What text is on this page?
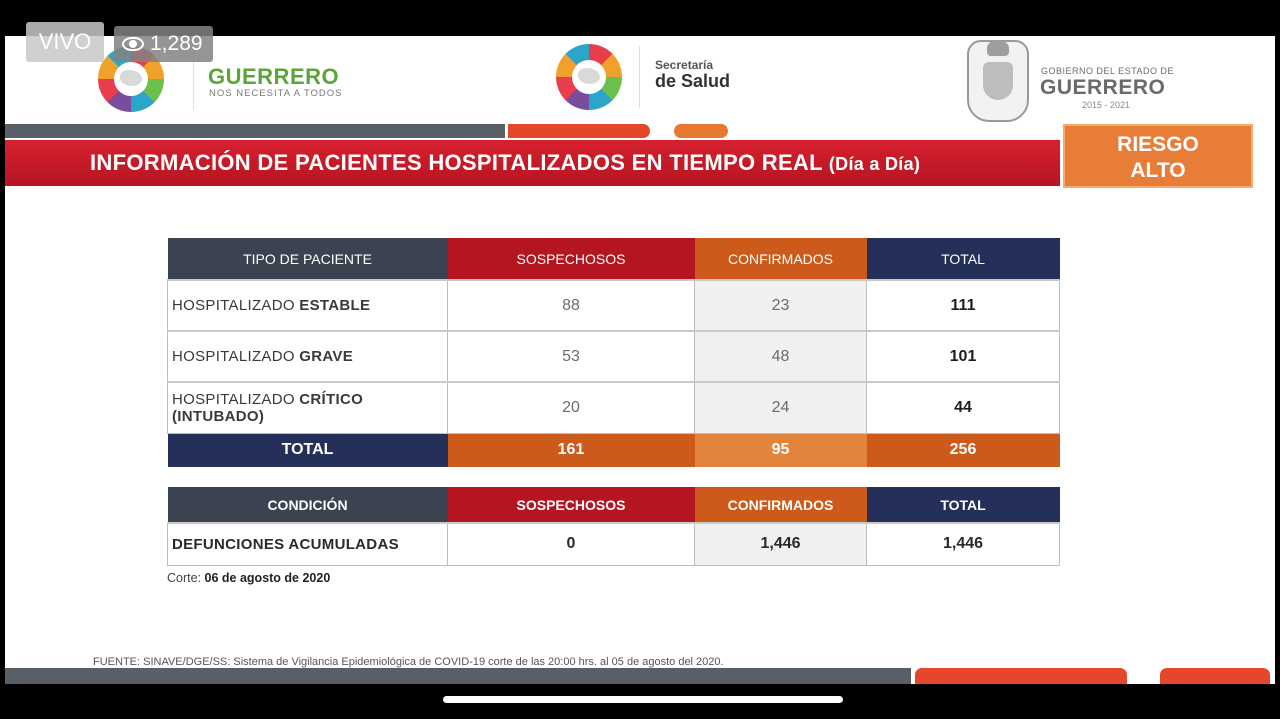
GUERRERO
NOS NECESITA A TODOS
Secretaría
de Salud	GOBIERNO DEL ESTADO DE
GUERRERO
2015 - 2021
INFORMACIÓN DE PACIENTES HOSPITALIZADOS EN TIEMPO REAL (Día a Día)
RIESGO
ALTO
TIPO DE PACIENTE	SOSPECHOSOS	CONFIRMADOS	TOTAL
HOSPITALIZADO ESTABLE	88	23	111
HOSPITALIZADO GRAVE	53	48	101
HOSPITALIZADO CRÍTICO
(INTUBADO)	20	24	44
TOTAL	161	95	256
CONDICIÓN	SOSPECHOSOS	CONFIRMADOS	TOTAL
DEFUNCIONES ACUMULADAS	0	1,446	1,446
Corte: 06 de agosto de 2020
FUENTE: SINAVE/DGE/SS: Sistema de Vigilancia Epidemiológica de COVID-19 corte de las 20:00 hrs. al 05 de agosto del 2020.
VIVO	1,289
